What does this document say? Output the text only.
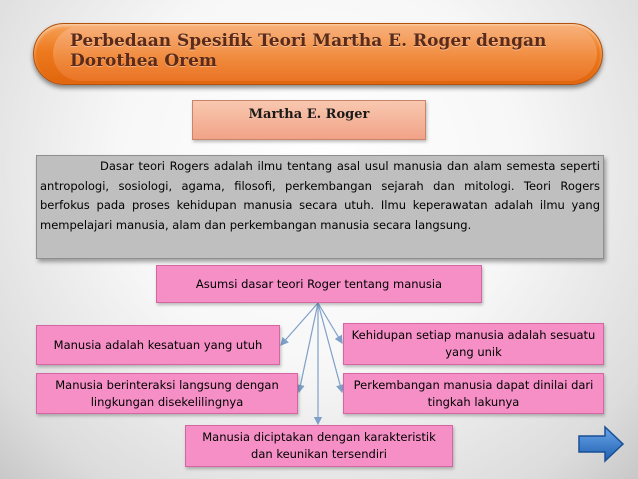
Perbedaan Spesifik Teori Martha E. Roger dengan
Dorothea Orem
Martha E. Roger
Dasar teori Rogers adalah ilmu tentang asal usul manusia dan alam semesta seperti antropologi, sosiologi, agama, filosofi, perkembangan sejarah dan mitologi. Teori Rogers berfokus pada proses kehidupan manusia secara utuh. Ilmu keperawatan adalah ilmu yang mempelajari manusia, alam dan perkembangan manusia secara langsung.
Asumsi dasar teori Roger tentang manusia
Manusia adalah kesatuan yang utuh
Kehidupan setiap manusia adalah sesuatu yang unik
Manusia berinteraksi langsung dengan lingkungan disekelilingnya
Perkembangan manusia dapat dinilai dari tingkah lakunya
Manusia diciptakan dengan karakteristik dan keunikan tersendiri
